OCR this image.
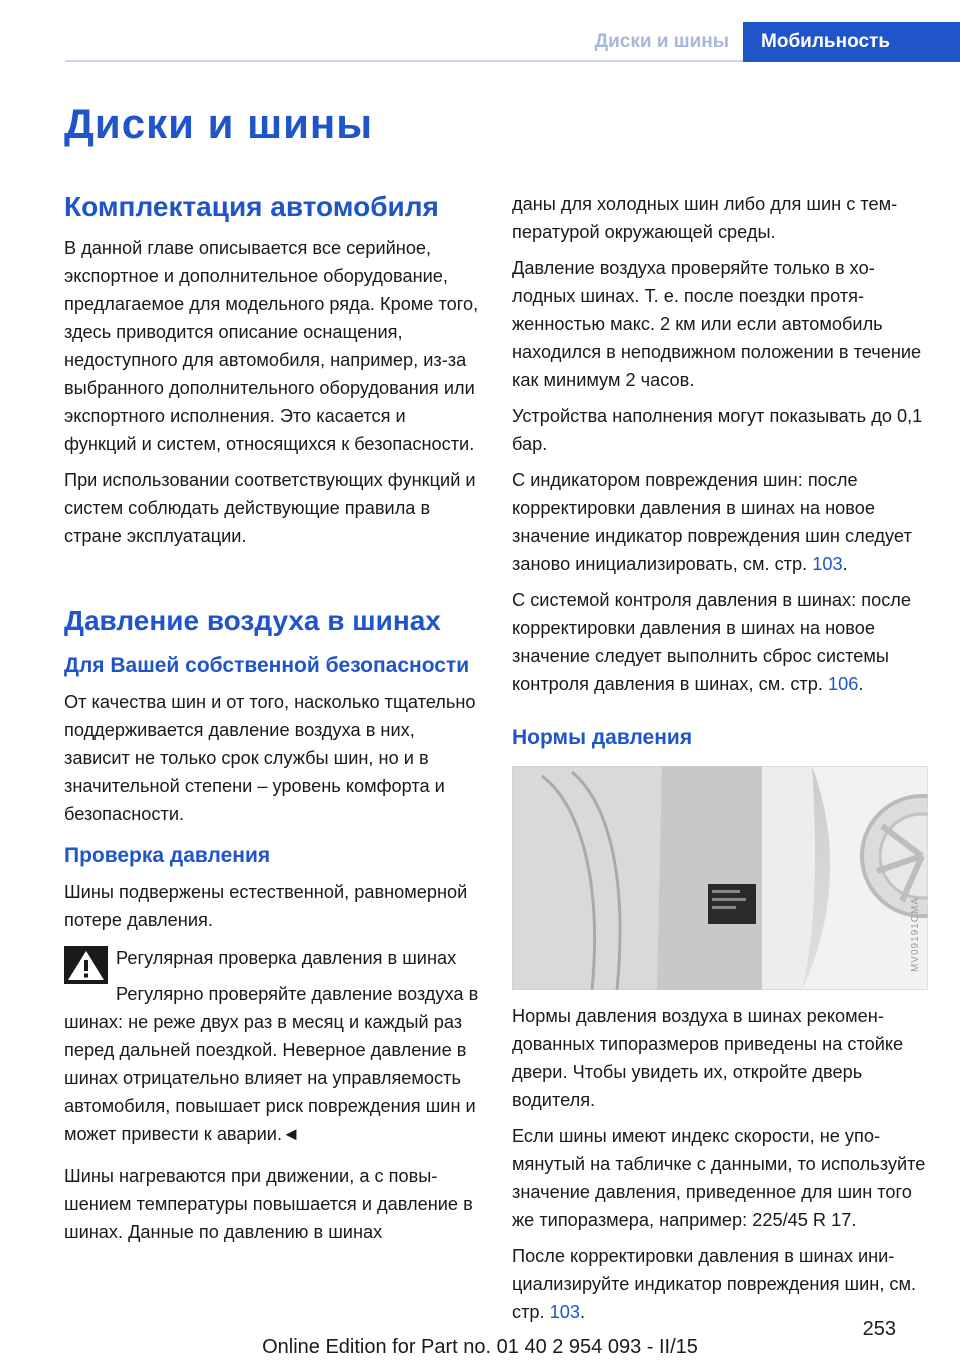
Диски и шины	Мобильность
Диски и шины
Комплектация автомобиля

В данной главе описывается все серийное, экспортное и дополнительное оборудование, предлагаемое для модельного ряда. Кроме того, здесь приводится описание оснащения, недоступного для автомобиля, например, из-за выбранного дополнительного оборудования или экспортного исполнения. Это касается и функций и систем, относящихся к безопасности.

При использовании соответствующих функций и систем соблюдать действующие правила в стране эксплуатации.

Давление воздуха в шинах
Для Вашей собственной безопасности

От качества шин и от того, насколько тщательно поддерживается давление воздуха в них, зависит не только срок службы шин, но и в значительной степени – уровень комфорта и безопасности.

Проверка давления

Шины подвержены естественной, равномерной потере давления.

Регулярная проверка давления в шинах

Регулярно проверяйте давление воздуха в шинах: не реже двух раз в месяц и каждый раз перед дальней поездкой. Неверное давление в шинах отрицательно влияет на управляемость автомобиля, повышает риск повреждения шин и может привести к аварии.◄

Шины нагреваются при движении, а с повышением температуры повышается и давление в шинах. Данные по давлению в шинах

даны для холодных шин либо для шин с температурой окружающей среды.

Давление воздуха проверяйте только в холодных шинах. Т. е. после поездки протяженностью макс. 2 км или если автомобиль находился в неподвижном положении в течение как минимум 2 часов.

Устройства наполнения могут показывать до 0,1 бар.

С индикатором повреждения шин: после корректировки давления в шинах на новое значение индикатор повреждения шин следует заново инициализировать, см. стр. 103.

С системой контроля давления в шинах: после корректировки давления в шинах на новое значение следует выполнить сброс системы контроля давления в шинах, см. стр. 106.

Нормы давления
MV09191CMA

Нормы давления воздуха в шинах рекомендованных типоразмеров приведены на стойке двери. Чтобы увидеть их, откройте дверь водителя.

Если шины имеют индекс скорости, не упомянутый на табличке с данными, то используйте значение давления, приведенное для шин того же типоразмера, например: 225/45 R 17.

После корректировки давления в шинах инициализируйте индикатор повреждения шин, см. стр. 103.

253
Online Edition for Part no. 01 40 2 954 093 - II/15
